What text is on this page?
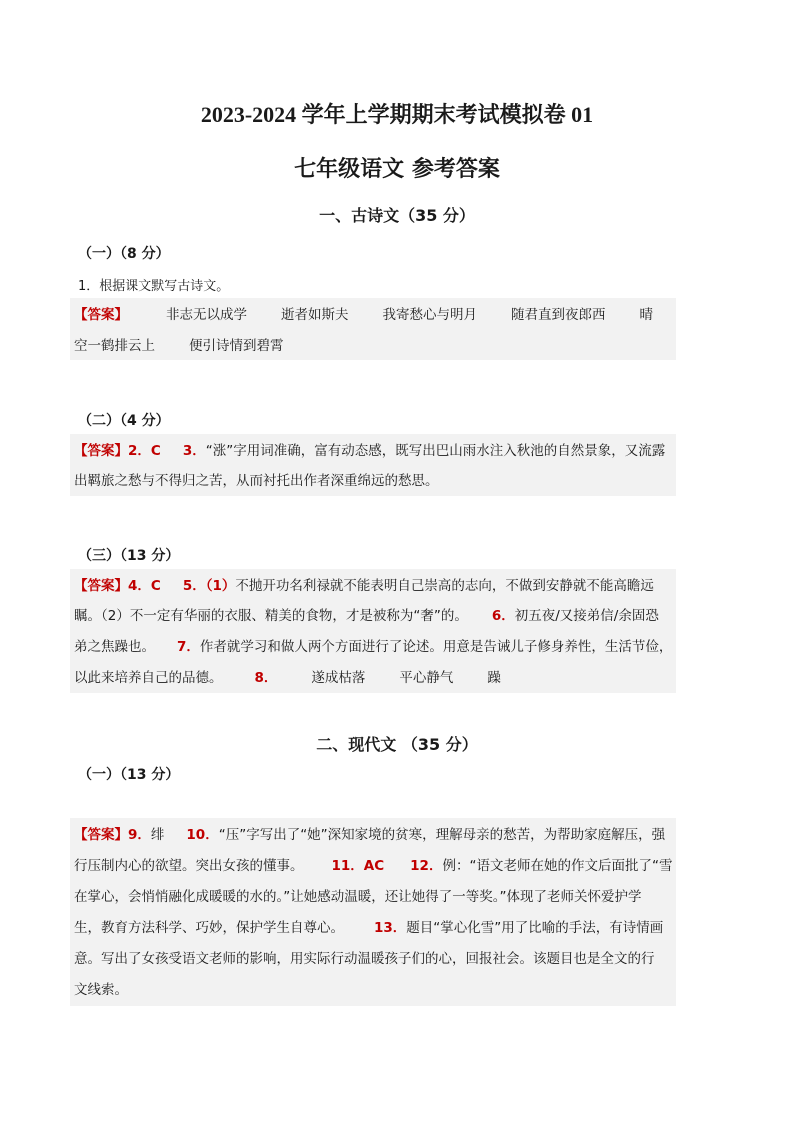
2023-2024 学年上学期期末考试模拟卷 01
七年级语文 参考答案
一、古诗文（35 分）
（一）（8 分）
1．根据课文默写古诗文。
【答案】	非志无以成学	逝者如斯夫	我寄愁心与明月	随君直到夜郎西	晴
空一鹤排云上	便引诗情到碧霄
（二）（4 分）
【答案】2．C 3．“涨”字用词准确，富有动态感，既写出巴山雨水注入秋池的自然景象，又流露
出羁旅之愁与不得归之苦，从而衬托出作者深重绵远的愁思。
（三）（13 分）
【答案】4．C 5．（1）不抛开功名利禄就不能表明自己崇高的志向，不做到安静就不能高瞻远
瞩。（2）不一定有华丽的衣服、精美的食物，才是被称为“奢”的。 6．初五夜/又接弟信/余固恐
弟之焦躁也。 7．作者就学习和做人两个方面进行了论述。用意是告诫儿子修身养性，生活节俭，
以此来培养自己的品德。 8．	遂成枯落	平心静气	躁
二、现代文 （35 分）
（一）（13 分）
【答案】9．绯 10．“压”字写出了“她”深知家境的贫寒，理解母亲的愁苦，为帮助家庭解压，强
行压制内心的欲望。突出女孩的懂事。 11．AC 12．例：“语文老师在她的作文后面批了“雪
在掌心，会悄悄融化成暖暖的水的。”让她感动温暖，还让她得了一等奖。”体现了老师关怀爱护学
生，教育方法科学、巧妙，保护学生自尊心。 13．题目“掌心化雪”用了比喻的手法，有诗情画
意。写出了女孩受语文老师的影响，用实际行动温暖孩子们的心，回报社会。该题目也是全文的行
文线索。
